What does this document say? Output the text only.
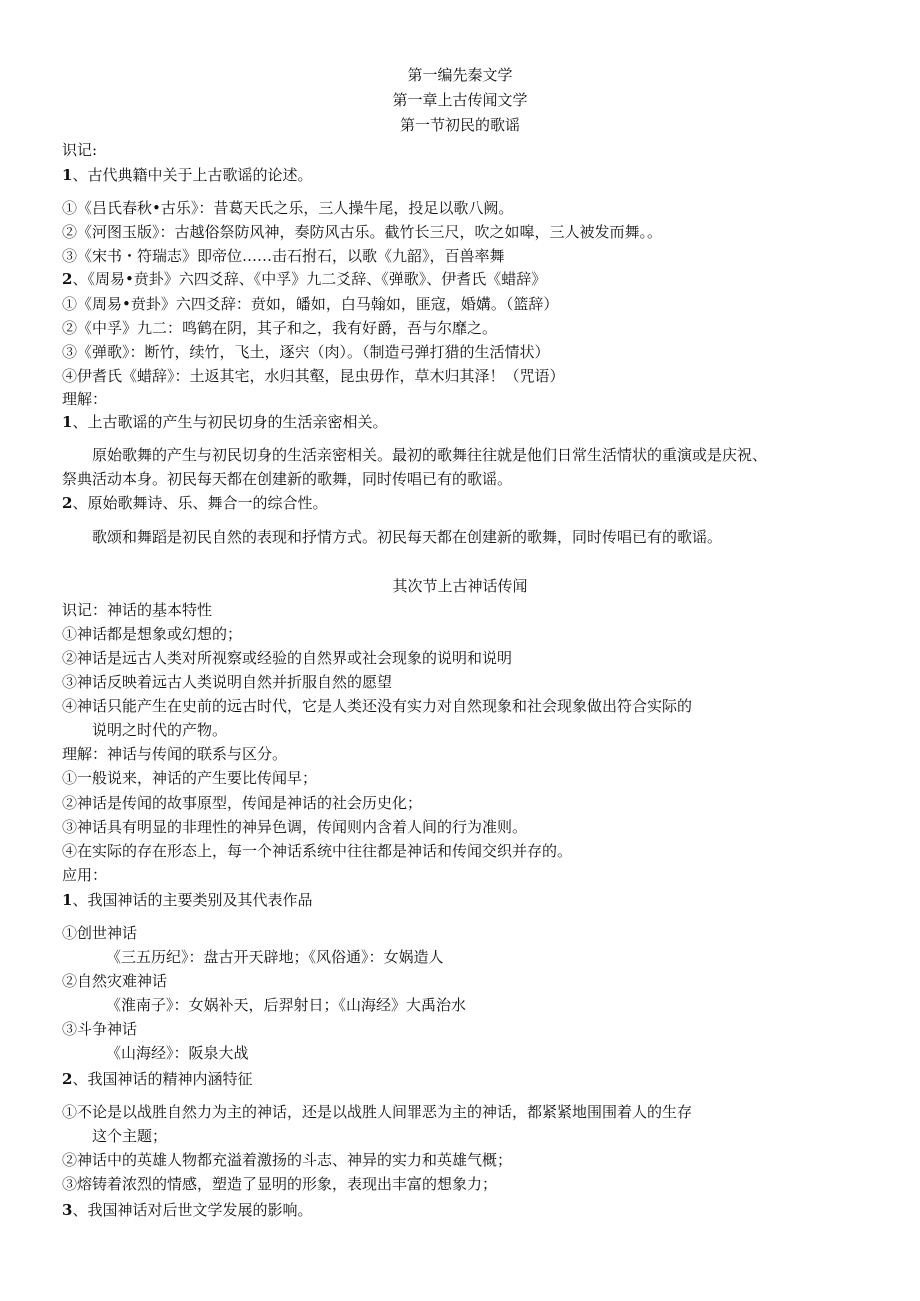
第一编先秦文学
第一章上古传闻文学
第一节初民的歌谣
识记:
1、古代典籍中关于上古歌谣的论述。
①《吕氏春秋•古乐》：昔葛天氏之乐，三人操牛尾，投足以歌八阙。
②《河图玉版》：古越俗祭防风神，奏防风古乐。截竹长三尺，吹之如嗥，三人被发而舞。。
③《宋书・符瑞志》即帝位……击石拊石，以歌《九韶》，百兽率舞
2、《周易•贲卦》六四爻辞、《中孚》九二爻辞、《弹歌》、伊耆氏《蜡辞》
①《周易•贲卦》六四爻辞：贲如，皤如，白马翰如，匪寇，婚媾。（篮辞）
②《中孚》九二：鸣鹤在阴，其子和之，我有好爵，吾与尔靡之。
③《弹歌》：断竹，续竹，飞土，逐宍（肉）。（制造弓弹打猎的生活情状）
④伊耆氏《蜡辞》：土返其宅，水归其壑，昆虫毋作，草木归其泽！（咒语）
理解：
1、上古歌谣的产生与初民切身的生活亲密相关。
原始歌舞的产生与初民切身的生活亲密相关。最初的歌舞往往就是他们日常生活情状的重演或是庆祝、
祭典活动本身。初民每天都在创建新的歌舞，同时传唱已有的歌谣。
2、原始歌舞诗、乐、舞合一的综合性。
歌颂和舞蹈是初民自然的表现和抒情方式。初民每天都在创建新的歌舞，同时传唱已有的歌谣。
其次节上古神话传闻
识记：神话的基本特性
①神话都是想象或幻想的；
②神话是远古人类对所视察或经验的自然界或社会现象的说明和说明
③神话反映着远古人类说明自然并折服自然的愿望
④神话只能产生在史前的远古时代，它是人类还没有实力对自然现象和社会现象做出符合实际的
说明之时代的产物。
理解：神话与传闻的联系与区分。
①一般说来，神话的产生要比传闻早；
②神话是传闻的故事原型，传闻是神话的社会历史化；
③神话具有明显的非理性的神异色调，传闻则内含着人间的行为准则。
④在实际的存在形态上，每一个神话系统中往往都是神话和传闻交织并存的。
应用：
1、我国神话的主要类别及其代表作品
①创世神话
《三五历纪》：盘古开天辟地；《风俗通》：女娲造人
②自然灾难神话
《淮南子》：女娲补天，后羿射日；《山海经》大禹治水
③斗争神话
《山海经》：阪泉大战
2、我国神话的精神内涵特征
①不论是以战胜自然力为主的神话，还是以战胜人间罪恶为主的神话，都紧紧地围围着人的生存
这个主题；
②神话中的英雄人物都充溢着激扬的斗志、神异的实力和英雄气概；
③熔铸着浓烈的情感，塑造了显明的形象，表现出丰富的想象力；
3、我国神话对后世文学发展的影响。
